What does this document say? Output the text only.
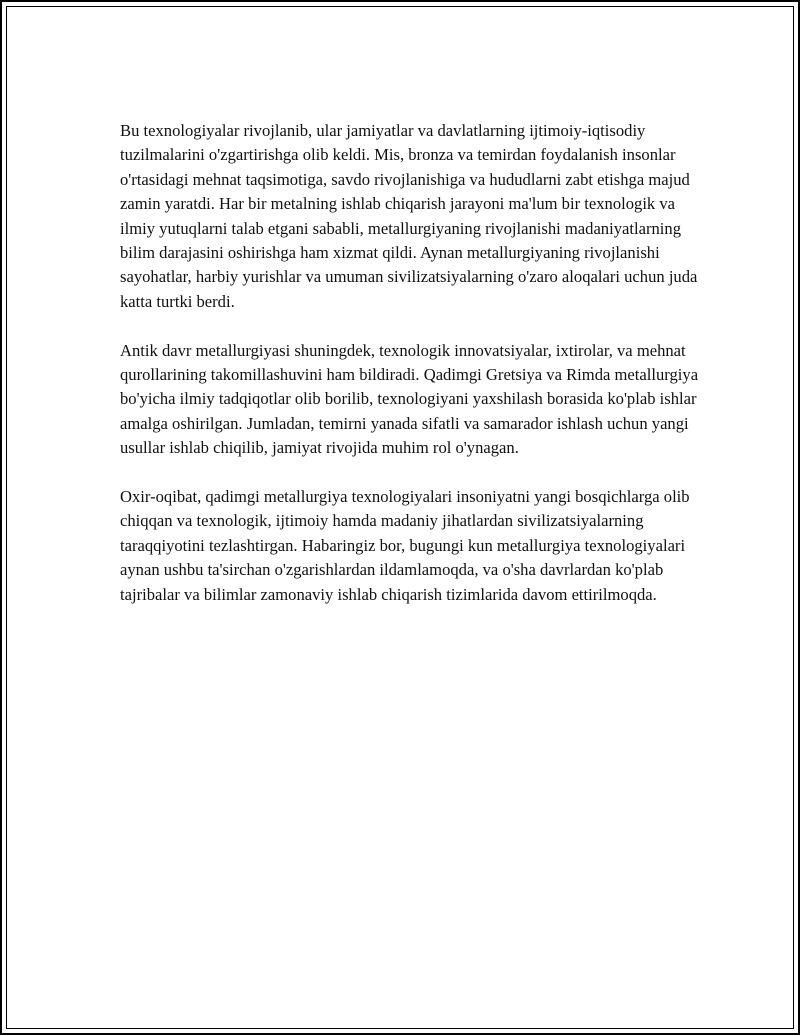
Bu texnologiyalar rivojlanib, ular jamiyatlar va davlatlarning ijtimoiy-iqtisodiy tuzilmalarini o'zgartirishga olib keldi. Mis, bronza va temirdan foydalanish insonlar o'rtasidagi mehnat taqsimotiga, savdo rivojlanishiga va hududlarni zabt etishga majud zamin yaratdi. Har bir metalning ishlab chiqarish jarayoni ma'lum bir texnologik va ilmiy yutuqlarni talab etgani sababli, metallurgiyaning rivojlanishi madaniyatlarning bilim darajasini oshirishga ham xizmat qildi. Aynan metallurgiyaning rivojlanishi sayohatlar, harbiy yurishlar va umuman sivilizatsiyalarning o'zaro aloqalari uchun juda katta turtki berdi.

Antik davr metallurgiyasi shuningdek, texnologik innovatsiyalar, ixtirolar, va mehnat qurollarining takomillashuvini ham bildiradi. Qadimgi Gretsiya va Rimda metallurgiya bo'yicha ilmiy tadqiqotlar olib borilib, texnologiyani yaxshilash borasida ko'plab ishlar amalga oshirilgan. Jumladan, temirni yanada sifatli va samarador ishlash uchun yangi usullar ishlab chiqilib, jamiyat rivojida muhim rol o'ynagan.

Oxir-oqibat, qadimgi metallurgiya texnologiyalari insoniyatni yangi bosqichlarga olib chiqqan va texnologik, ijtimoiy hamda madaniy jihatlardan sivilizatsiyalarning taraqqiyotini tezlashtirgan. Habaringiz bor, bugungi kun metallurgiya texnologiyalari aynan ushbu ta'sirchan o'zgarishlardan ildamlamoqda, va o'sha davrlardan ko'plab tajribalar va bilimlar zamonaviy ishlab chiqarish tizimlarida davom ettirilmoqda.
